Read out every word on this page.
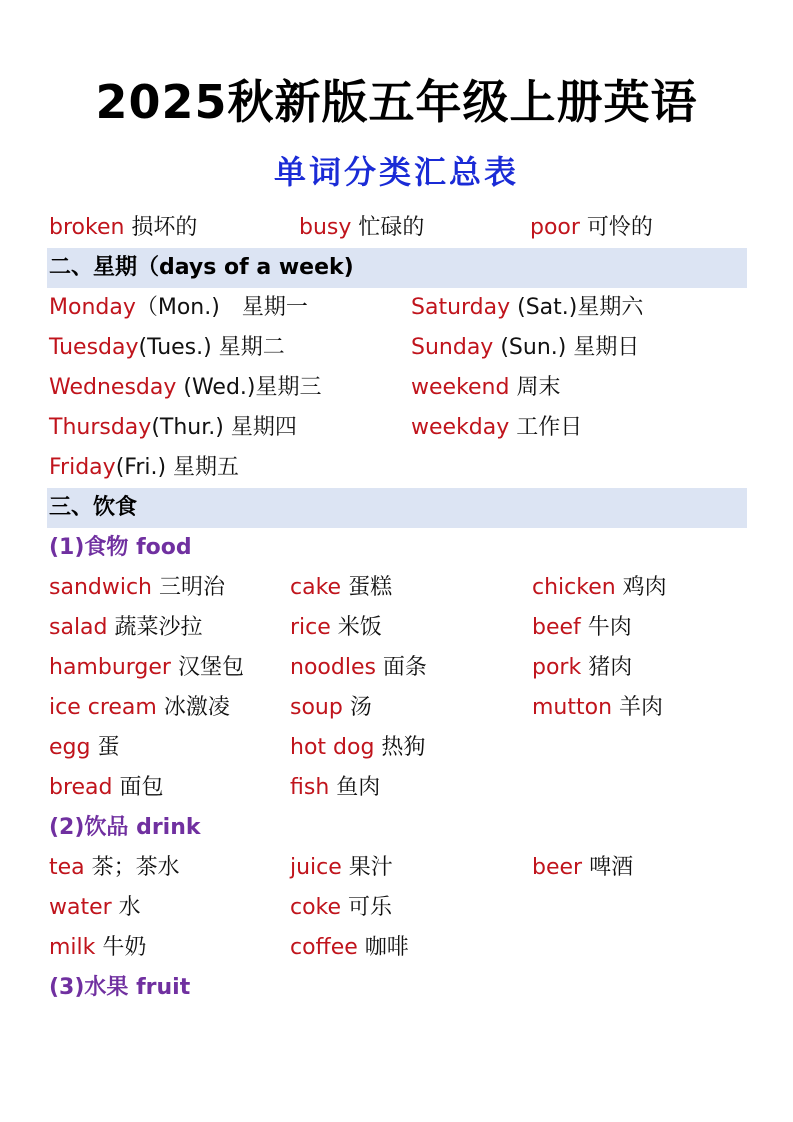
2025秋新版五年级上册英语
单词分类汇总表
broken 损坏的	busy 忙碌的	poor 可怜的
二、星期（days of a week)
Monday（Mon.)　星期一	Saturday (Sat.)星期六
Tuesday(Tues.) 星期二	Sunday (Sun.) 星期日
Wednesday (Wed.)星期三	weekend 周末
Thursday(Thur.) 星期四	weekday 工作日
Friday(Fri.) 星期五
三、饮食
(1)食物 food
sandwich 三明治	cake 蛋糕	chicken 鸡肉
salad 蔬菜沙拉	rice 米饭	beef 牛肉
hamburger 汉堡包 noodles 面条	pork 猪肉
ice cream 冰激凌	soup 汤	mutton 羊肉
egg 蛋	hot dog 热狗
bread 面包	fish 鱼肉
(2)饮品 drink
tea 茶；茶水	juice 果汁	beer 啤酒
water 水	coke 可乐
milk 牛奶	coffee 咖啡
(3)水果 fruit
